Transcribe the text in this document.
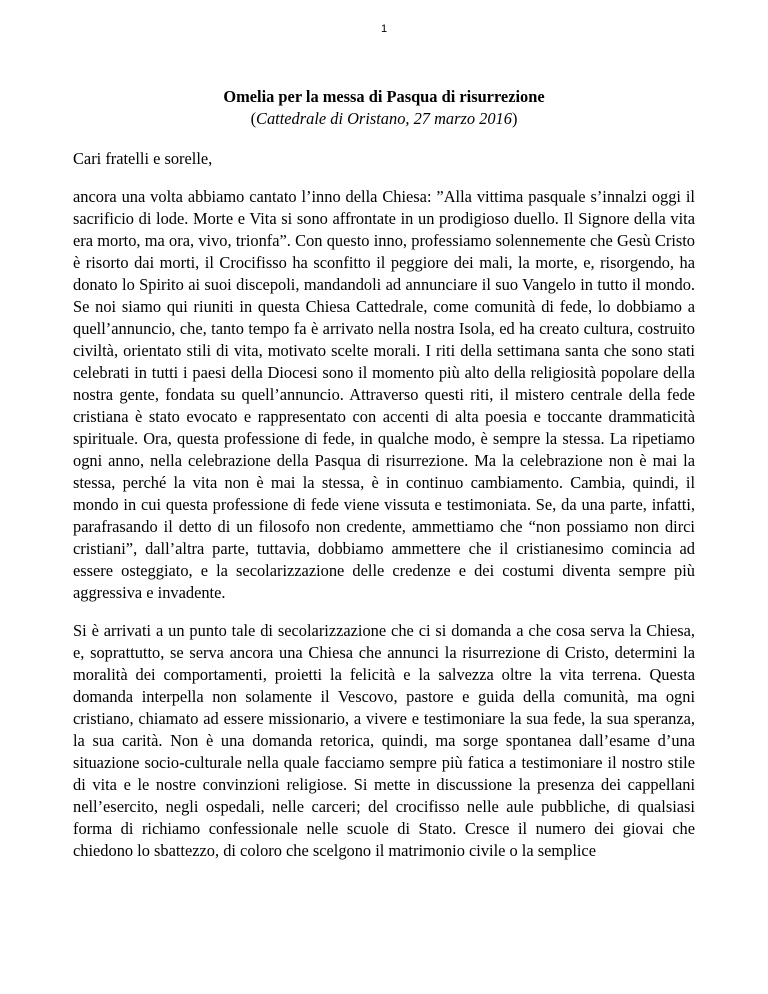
1

Omelia per la messa di Pasqua di risurrezione

(Cattedrale di Oristano, 27 marzo 2016)

Cari fratelli e sorelle,

ancora una volta abbiamo cantato l’inno della Chiesa: ”Alla vittima pasquale s’innalzi oggi il sacrificio di lode. Morte e Vita si sono affrontate in un prodigioso duello. Il Signore della vita era morto, ma ora, vivo, trionfa”. Con questo inno, professiamo solennemente che Gesù Cristo è risorto dai morti, il Crocifisso ha sconfitto il peggiore dei mali, la morte, e, risorgendo, ha donato lo Spirito ai suoi discepoli, mandandoli ad annunciare il suo Vangelo in tutto il mondo. Se noi siamo qui riuniti in questa Chiesa Cattedrale, come comunità di fede, lo dobbiamo a quell’annuncio, che, tanto tempo fa è arrivato nella nostra Isola, ed ha creato cultura, costruito civiltà, orientato stili di vita, motivato scelte morali. I riti della settimana santa che sono stati celebrati in tutti i paesi della Diocesi sono il momento più alto della religiosità popolare della nostra gente, fondata su quell’annuncio. Attraverso questi riti, il mistero centrale della fede cristiana è stato evocato e rappresentato con accenti di alta poesia e toccante drammaticità spirituale. Ora, questa professione di fede, in qualche modo, è sempre la stessa. La ripetiamo ogni anno, nella celebrazione della Pasqua di risurrezione. Ma la celebrazione non è mai la stessa, perché la vita non è mai la stessa, è in continuo cambiamento. Cambia, quindi, il mondo in cui questa professione di fede viene vissuta e testimoniata. Se, da una parte, infatti, parafrasando il detto di un filosofo non credente, ammettiamo che “non possiamo non dirci cristiani”, dall’altra parte, tuttavia, dobbiamo ammettere che il cristianesimo comincia ad essere osteggiato, e la secolarizzazione delle credenze e dei costumi diventa sempre più aggressiva e invadente.

Si è arrivati a un punto tale di secolarizzazione che ci si domanda a che cosa serva la Chiesa, e, soprattutto, se serva ancora una Chiesa che annunci la risurrezione di Cristo, determini la moralità dei comportamenti, proietti la felicità e la salvezza oltre la vita terrena. Questa domanda interpella non solamente il Vescovo, pastore e guida della comunità, ma ogni cristiano, chiamato ad essere missionario, a vivere e testimoniare la sua fede, la sua speranza, la sua carità. Non è una domanda retorica, quindi, ma sorge spontanea dall’esame d’una situazione socio-culturale nella quale facciamo sempre più fatica a testimoniare il nostro stile di vita e le nostre convinzioni religiose. Si mette in discussione la presenza dei cappellani nell’esercito, negli ospedali, nelle carceri; del crocifisso nelle aule pubbliche, di qualsiasi forma di richiamo confessionale nelle scuole di Stato. Cresce il numero dei giovai che chiedono lo sbattezzo, di coloro che scelgono il matrimonio civile o la semplice
